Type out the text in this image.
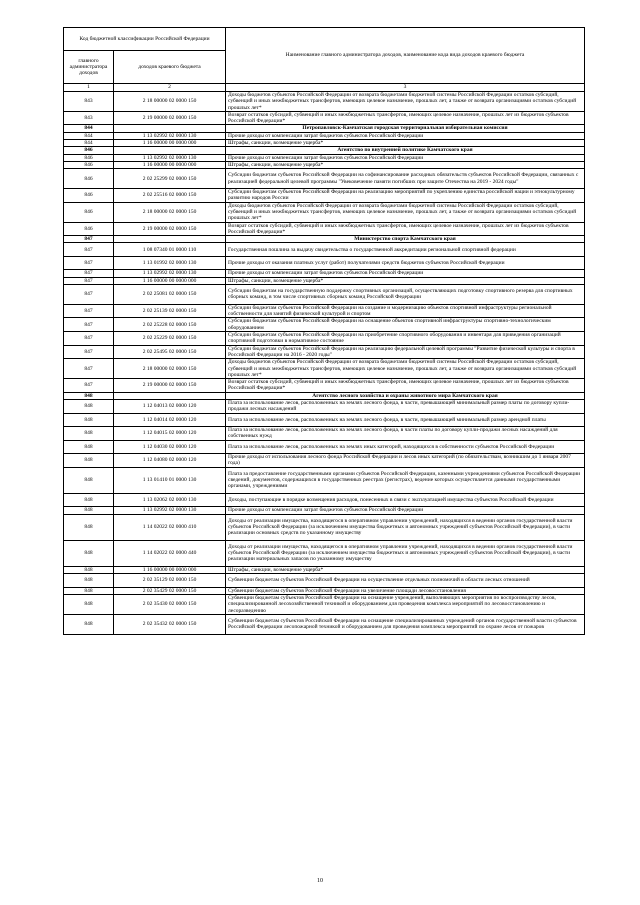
Код бюджетной классификации Российской Федерации		Наименование главного администратора доходов, наименование кода вида доходов краевого бюджета
главного администратора доходов	доходов краевого бюджета	
1	2	3
843	2 18 00000 02 0000 150	Доходы бюджетов субъектов Российской Федерации от возврата бюджетами бюджетной системы Российской Федерации остатков субсидий, субвенций и иных межбюджетных трансфертов, имеющих целевое назначение, прошлых лет, а также от возврата организациями остатков субсидий прошлых лет*
843	2 19 00000 02 0000 150	Возврат остатков субсидий, субвенций и иных межбюджетных трансфертов, имеющих целевое назначение, прошлых лет из бюджетов субъектов Российской Федерации*
844		Петропавловск-Камчатская городская территориальная избирательная комиссия
844	1 13 02992 02 0000 130	Прочие доходы от компенсации затрат бюджетов субъектов Российской Федерации
844	1 16 00000 00 0000 000	Штрафы, санкции, возмещение ущерба*
846		Агентство по внутренней политике Камчатского края
846	1 13 02992 02 0000 130	Прочие доходы от компенсации затрат бюджетов субъектов Российской Федерации
846	1 16 00000 00 0000 000	Штрафы, санкции, возмещение ущерба*
846	2 02 25299 02 0000 150	Субсидии бюджетам субъектов Российской Федерации на софинансирование расходных обязательств субъектов Российской Федерации, связанных с реализацией федеральной целевой программы "Увековечение памяти погибших при защите Отечества на 2019 - 2024 годы"
846	2 02 25516 02 0000 150	Субсидии бюджетам субъектов Российской Федерации на реализацию мероприятий по укреплению единства российской нации и этнокультурному развитию народов России
846	2 18 00000 02 0000 150	Доходы бюджетов субъектов Российской Федерации от возврата бюджетами бюджетной системы Российской Федерации остатков субсидий, субвенций и иных межбюджетных трансфертов, имеющих целевое назначение, прошлых лет, а также от возврата организациями остатков субсидий прошлых лет*
846	2 19 00000 02 0000 150	Возврат остатков субсидий, субвенций и иных межбюджетных трансфертов, имеющих целевое назначение, прошлых лет из бюджетов субъектов Российской Федерации*
847		Министерство спорта Камчатского края
847	1 08 07340 01 0000 110	Государственная пошлина за выдачу свидетельства о государственной аккредитации региональной спортивной федерации
847	1 13 01992 02 0000 130	Прочие доходы от оказания платных услуг (работ) получателями средств бюджетов субъектов Российской Федерации
847	1 13 02992 02 0000 130	Прочие доходы от компенсации затрат бюджетов субъектов Российской Федерации
847	1 16 00000 00 0000 000	Штрафы, санкции, возмещение ущерба*
847	2 02 25081 02 0000 150	Субсидии бюджетам на государственную поддержку спортивных организаций, осуществляющих подготовку спортивного резерва для спортивных сборных команд, в том числе спортивных сборных команд Российской Федерации
847	2 02 25139 02 0000 150	Субсидии бюджетам субъектов Российской Федерации на создание и модернизацию объектов спортивной инфраструктуры региональной собственности для занятий физической культурой и спортом
847	2 02 25228 02 0000 150	Субсидии бюджетам субъектов Российской Федерации на оснащение объектов спортивной инфраструктуры спортивно-технологическим оборудованием
847	2 02 25229 02 0000 150	Субсидии бюджетам субъектов Российской Федерации на приобретение спортивного оборудования и инвентаря для приведения организаций спортивной подготовки в нормативное состояние
847	2 02 25495 02 0000 150	Субсидии бюджетам субъектов Российской Федерации на реализацию федеральной целевой программы "Развитие физической культуры и спорта в Российской Федерации на 2016 - 2020 годы"
847	2 18 00000 02 0000 150	Доходы бюджетов субъектов Российской Федерации от возврата бюджетами бюджетной системы Российской Федерации остатков субсидий, субвенций и иных межбюджетных трансфертов, имеющих целевое назначение, прошлых лет, а также от возврата организациями остатков субсидий прошлых лет*
847	2 19 00000 02 0000 150	Возврат остатков субсидий, субвенций и иных межбюджетных трансфертов, имеющих целевое назначение, прошлых лет из бюджетов субъектов Российской Федерации*
848		Агентство лесного хозяйства и охраны животного мира Камчатского края
848	1 12 04013 02 0000 120	Плата за использование лесов, расположенных на землях лесного фонда, в части, превышающей минимальный размер платы по договору купли-продажи лесных насаждений
848	1 12 04014 02 0000 120	Плата за использование лесов, расположенных на землях лесного фонда, в части, превышающей минимальный размер арендной платы
848	1 12 04015 02 0000 120	Плата за использование лесов, расположенных на землях лесного фонда, в части платы по договору купли-продажи лесных насаждений для собственных нужд
848	1 12 04030 02 0000 120	Плата за использование лесов, расположенных на землях иных категорий, находящихся в собственности субъектов Российской Федерации
848	1 12 04080 02 0000 120	Прочие доходы от использования лесного фонда Российской Федерации и лесов иных категорий (по обязательствам, возникшим до 1 января 2007 года)
848	1 13 01410 01 0000 130	Плата за предоставление государственными органами субъектов Российской Федерации, казенными учреждениями субъектов Российской Федерации сведений, документов, содержащихся в государственных реестрах (регистрах), ведение которых осуществляется данными государственными органами, учреждениями
848	1 13 02062 02 0000 130	Доходы, поступающие в порядке возмещения расходов, понесенных в связи с эксплуатацией имущества субъектов Российской Федерации
848	1 13 02992 02 0000 130	Прочие доходы от компенсации затрат бюджетов субъектов Российской Федерации
848	1 14 02022 02 0000 410	Доходы от реализации имущества, находящегося в оперативном управлении учреждений, находящихся в ведении органов государственной власти субъектов Российской Федерации (за исключением имущества бюджетных и автономных учреждений субъектов Российской Федерации), в части реализации основных средств по указанному имуществу
848	1 14 02022 02 0000 440	Доходы от реализации имущества, находящегося в оперативном управлении учреждений, находящихся в ведении органов государственной власти субъектов Российской Федерации (за исключением имущества бюджетных и автономных учреждений субъектов Российской Федерации), в части реализации материальных запасов по указанному имуществу
848	1 16 00000 00 0000 000	Штрафы, санкции, возмещение ущерба*
848	2 02 35129 02 0000 150	Субвенции бюджетам субъектов Российской Федерации на осуществление отдельных полномочий в области лесных отношений
848	2 02 35429 02 0000 150	Субвенции бюджетам субъектов Российской Федерации на увеличение площади лесовосстановления
848	2 02 35430 02 0000 150	Субвенции бюджетам субъектов Российской Федерации на оснащение учреждений, выполняющих мероприятия по воспроизводству лесов, специализированной лесохозяйственной техникой и оборудованием для проведения комплекса мероприятий по лесовосстановлению и лесоразведению
848	2 02 35432 02 0000 150	Субвенции бюджетам субъектов Российской Федерации на оснащение специализированных учреждений органов государственной власти субъектов Российской Федерации лесопожарной техникой и оборудованием для проведения комплекса мероприятий по охране лесов от пожаров
10
